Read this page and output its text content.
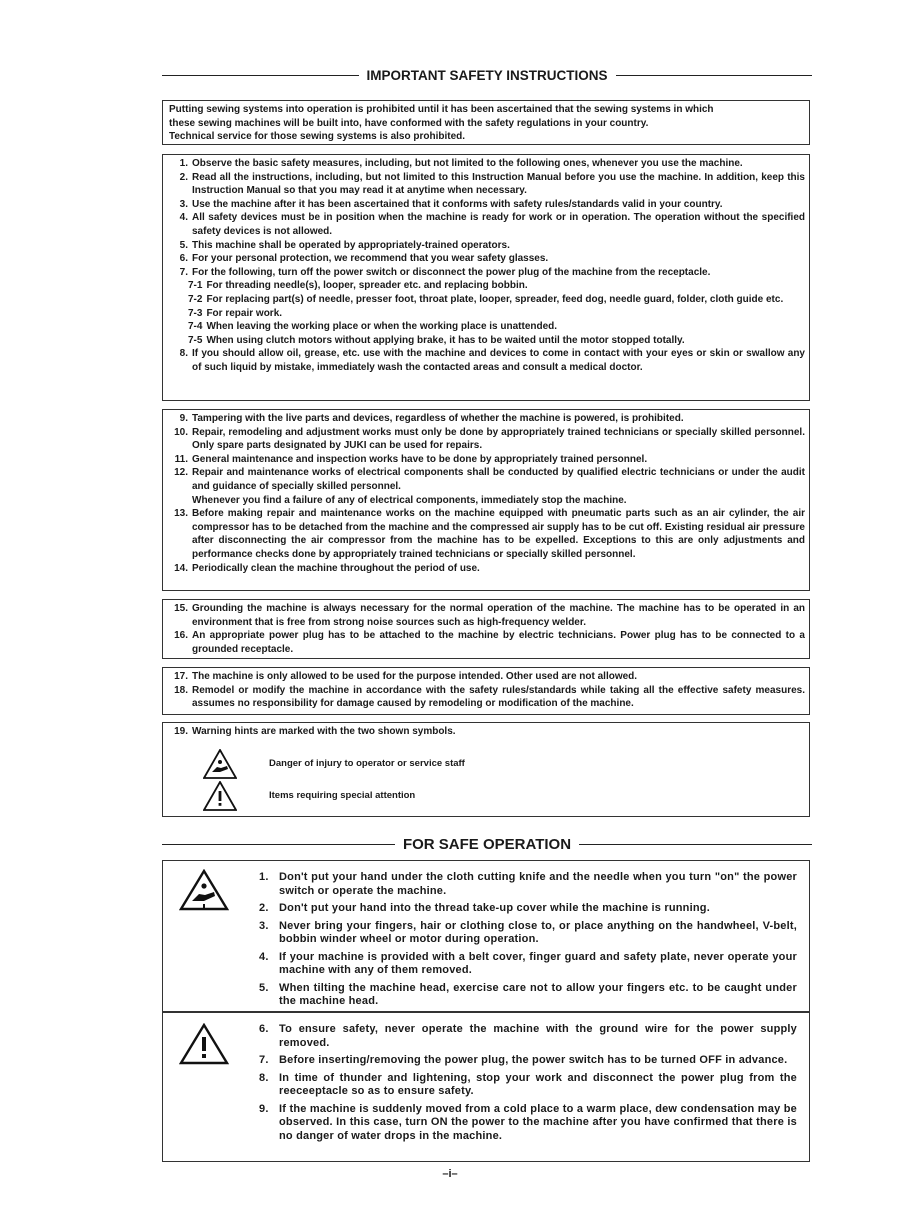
IMPORTANT SAFETY INSTRUCTIONS

Putting sewing systems into operation is prohibited until it has been ascertained that the sewing systems in which

these sewing machines will be built into, have conformed with the safety regulations in your country.

Technical service for those sewing systems is also prohibited.

1. Observe the basic safety measures, including, but not limited to the following ones, whenever you use the machine.
2. Read all the instructions, including, but not limited to this Instruction Manual before you use the machine. In addition, keep this Instruction Manual so that you may read it at anytime when necessary.
3. Use the machine after it has been ascertained that it conforms with safety rules/standards valid in your country.
4. All safety devices must be in position when the machine is ready for work or in operation. The operation without the specified safety devices is not allowed.
5. This machine shall be operated by appropriately-trained operators.
6. For your personal protection, we recommend that you wear safety glasses.
7. For the following, turn off the power switch or disconnect the power plug of the machine from the receptacle.
7-1 For threading needle(s), looper, spreader etc. and replacing bobbin.
7-2 For replacing part(s) of needle, presser foot, throat plate, looper, spreader, feed dog, needle guard, folder, cloth guide etc.
7-3 For repair work.
7-4 When leaving the working place or when the working place is unattended.
7-5 When using clutch motors without applying brake, it has to be waited until the motor stopped totally.
8. If you should allow oil, grease, etc. use with the machine and devices to come in contact with your eyes or skin or swallow any of such liquid by mistake, immediately wash the contacted areas and consult a medical doctor.
9. Tampering with the live parts and devices, regardless of whether the machine is powered, is prohibited.
10. Repair, remodeling and adjustment works must only be done by appropriately trained technicians or specially skilled personnel. Only spare parts designated by JUKI can be used for repairs.
11. General maintenance and inspection works have to be done by appropriately trained personnel.
12. Repair and maintenance works of electrical components shall be conducted by qualified electric technicians or under the audit and guidance of specially skilled personnel.
Whenever you find a failure of any of electrical components, immediately stop the machine.
13. Before making repair and maintenance works on the machine equipped with pneumatic parts such as an air cylinder, the air compressor has to be detached from the machine and the compressed air supply has to be cut off. Existing residual air pressure after disconnecting the air compressor from the machine has to be expelled. Exceptions to this are only adjustments and performance checks done by appropriately trained technicians or specially skilled personnel.
14. Periodically clean the machine throughout the period of use.
15. Grounding the machine is always necessary for the normal operation of the machine. The machine has to be operated in an environment that is free from strong noise sources such as high-frequency welder.
16. An appropriate power plug has to be attached to the machine by electric technicians. Power plug has to be connected to a grounded receptacle.
17. The machine is only allowed to be used for the purpose intended. Other used are not allowed.
18. Remodel or modify the machine in accordance with the safety rules/standards while taking all the effective safety measures.        assumes no responsibility for damage caused by remodeling or modification of the machine.
19. Warning hints are marked with the two shown symbols.
Danger of injury to operator or service staff
Items requiring special attention
FOR SAFE OPERATION
1. Don't put your hand under the cloth cutting knife and the needle when you turn "on" the power switch or operate the machine.
2. Don't put your hand into the thread take-up cover while the machine is running.
3. Never bring your fingers, hair or clothing close to, or place anything on the handwheel, V-belt, bobbin winder wheel or motor during operation.
4. If your machine is provided with a belt cover, finger guard and safety plate, never operate your machine with any of them removed.
5. When tilting the machine head, exercise care not to allow your fingers etc. to be caught under the machine head.
6. To ensure safety, never operate the machine with the ground wire for the power supply removed.
7. Before inserting/removing the power plug, the power switch has to be turned OFF in advance.
8. In time of thunder and lightening, stop your work and disconnect the power plug from the reeceeptacle so as to ensure safety.
9. If the machine is suddenly moved from a cold place to a warm place, dew condensation may be observed. In this case, turn ON the power to the machine after you have confirmed that there is no danger of water drops in the machine.
–i–
